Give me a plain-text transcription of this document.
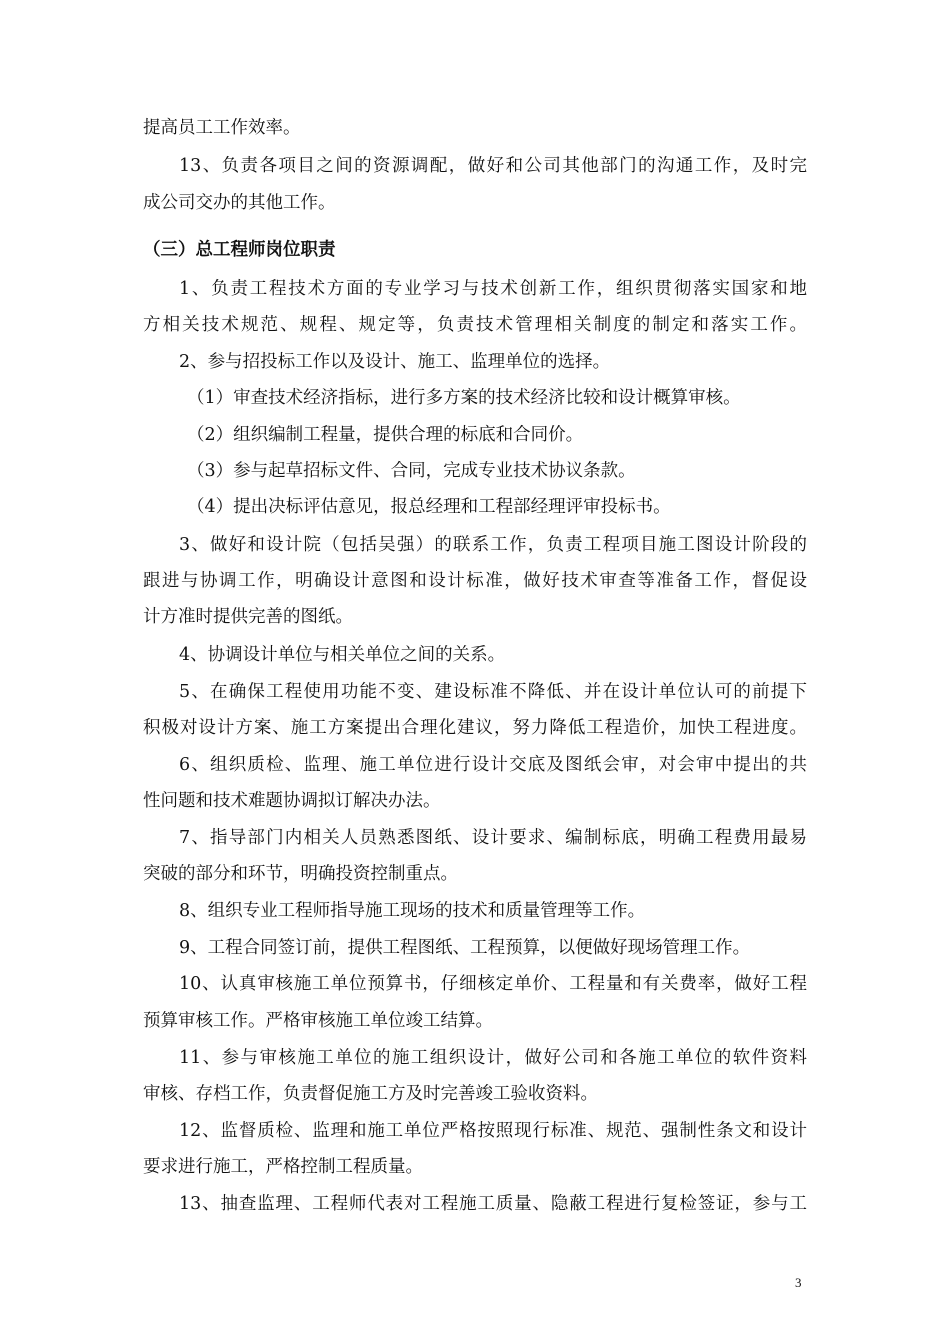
提高员工工作效率。
13、负责各项目之间的资源调配，做好和公司其他部门的沟通工作，及时完
成公司交办的其他工作。
（三）总工程师岗位职责
1、负责工程技术方面的专业学习与技术创新工作，组织贯彻落实国家和地
方相关技术规范、规程、规定等，负责技术管理相关制度的制定和落实工作。
2、参与招投标工作以及设计、施工、监理单位的选择。
（1）审查技术经济指标，进行多方案的技术经济比较和设计概算审核。
（2）组织编制工程量，提供合理的标底和合同价。
（3）参与起草招标文件、合同，完成专业技术协议条款。
（4）提出决标评估意见，报总经理和工程部经理评审投标书。
3、做好和设计院（包括吴强）的联系工作，负责工程项目施工图设计阶段的
跟进与协调工作，明确设计意图和设计标准，做好技术审查等准备工作，督促设
计方准时提供完善的图纸。
4、协调设计单位与相关单位之间的关系。
5、在确保工程使用功能不变、建设标准不降低、并在设计单位认可的前提下
积极对设计方案、施工方案提出合理化建议，努力降低工程造价，加快工程进度。
6、组织质检、监理、施工单位进行设计交底及图纸会审，对会审中提出的共
性问题和技术难题协调拟订解决办法。
7、指导部门内相关人员熟悉图纸、设计要求、编制标底，明确工程费用最易
突破的部分和环节，明确投资控制重点。
8、组织专业工程师指导施工现场的技术和质量管理等工作。
9、工程合同签订前，提供工程图纸、工程预算，以便做好现场管理工作。
10、认真审核施工单位预算书，仔细核定单价、工程量和有关费率，做好工程
预算审核工作。严格审核施工单位竣工结算。
11、参与审核施工单位的施工组织设计，做好公司和各施工单位的软件资料
审核、存档工作，负责督促施工方及时完善竣工验收资料。
12、监督质检、监理和施工单位严格按照现行标准、规范、强制性条文和设计
要求进行施工，严格控制工程质量。
13、抽查监理、工程师代表对工程施工质量、隐蔽工程进行复检签证，参与工
3
